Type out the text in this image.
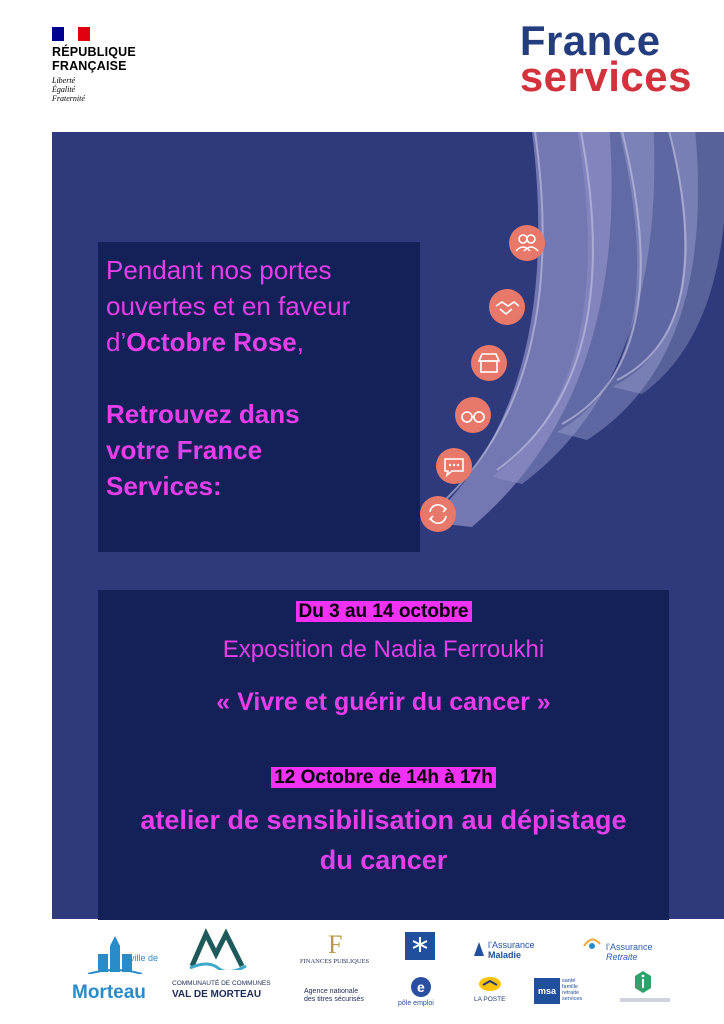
RÉPUBLIQUE
FRANÇAISE
Liberté
Égalité
Fraternité
France
services
Pendant nos portes
ouvertes et en faveur
d’Octobre Rose,
Retrouvez dans
votre France
Services:
Du 3 au 14 octobre
Exposition de Nadia Ferroukhi
« Vivre et guérir du cancer »
12 Octobre de 14h à 17h
atelier de sensibilisation au dépistage
du cancer
ville de
Morteau	COMMUNAUTÉ DE COMMUNES
VAL DE MORTEAU
F
FINANCES PUBLIQUES
Agence nationale
des titres sécurisés
e
pôle emploi
l’Assurance
Maladie
LA POSTE
l’Assurance
Retraite
msa
santé
famille
retraite
services
